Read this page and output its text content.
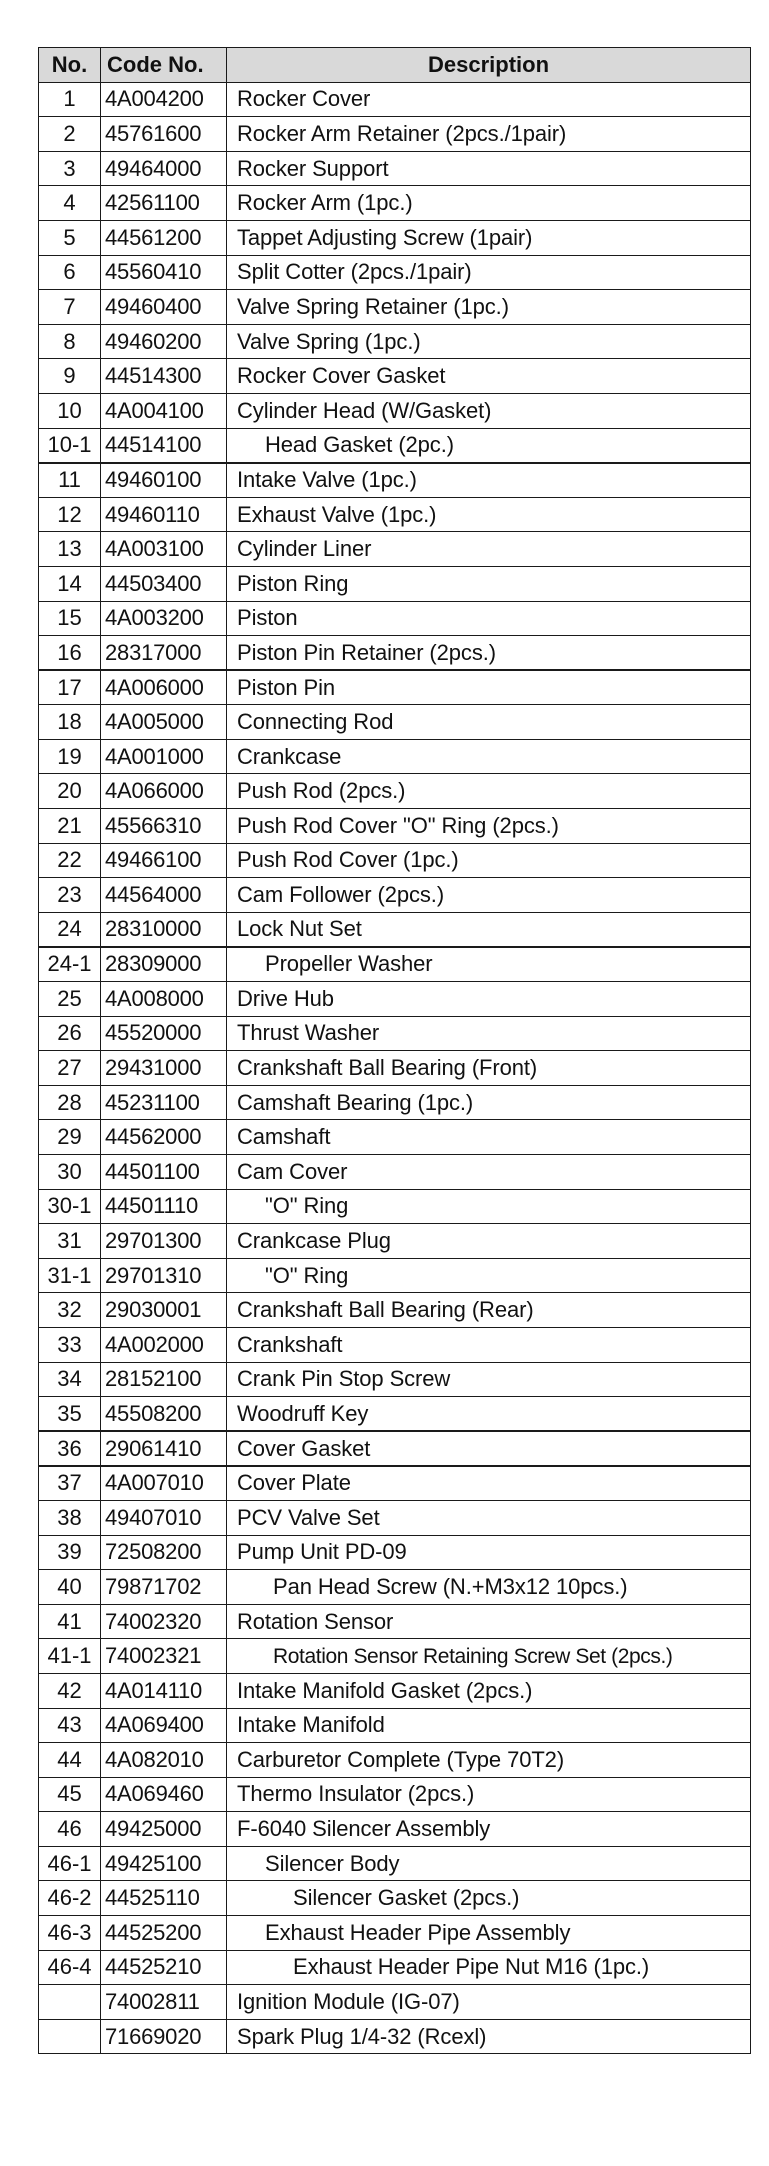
No.	Code No.	Description
1	4A004200	Rocker Cover
2	45761600	Rocker Arm Retainer (2pcs./1pair)
3	49464000	Rocker Support
4	42561100	Rocker Arm (1pc.)
5	44561200	Tappet Adjusting Screw (1pair)
6	45560410	Split Cotter (2pcs./1pair)
7	49460400	Valve Spring Retainer (1pc.)
8	49460200	Valve Spring (1pc.)
9	44514300	Rocker Cover Gasket
10	4A004100	Cylinder Head (W/Gasket)
10-1	44514100	Head Gasket (2pc.)
11	49460100	Intake Valve (1pc.)
12	49460110	Exhaust Valve (1pc.)
13	4A003100	Cylinder Liner
14	44503400	Piston Ring
15	4A003200	Piston
16	28317000	Piston Pin Retainer (2pcs.)
17	4A006000	Piston Pin
18	4A005000	Connecting Rod
19	4A001000	Crankcase
20	4A066000	Push Rod (2pcs.)
21	45566310	Push Rod Cover "O" Ring (2pcs.)
22	49466100	Push Rod Cover (1pc.)
23	44564000	Cam Follower (2pcs.)
24	28310000	Lock Nut Set
24-1	28309000	Propeller Washer
25	4A008000	Drive Hub
26	45520000	Thrust Washer
27	29431000	Crankshaft Ball Bearing (Front)
28	45231100	Camshaft Bearing (1pc.)
29	44562000	Camshaft
30	44501100	Cam Cover
30-1	44501110	"O" Ring
31	29701300	Crankcase Plug
31-1	29701310	"O" Ring
32	29030001	Crankshaft Ball Bearing (Rear)
33	4A002000	Crankshaft
34	28152100	Crank Pin Stop Screw
35	45508200	Woodruff Key
36	29061410	Cover Gasket
37	4A007010	Cover Plate
38	49407010	PCV Valve Set
39	72508200	Pump Unit PD-09
40	79871702	Pan Head Screw (N.+M3x12 10pcs.)
41	74002320	Rotation Sensor
41-1	74002321	Rotation Sensor Retaining Screw Set (2pcs.)
42	4A014110	Intake Manifold Gasket (2pcs.)
43	4A069400	Intake Manifold
44	4A082010	Carburetor Complete (Type 70T2)
45	4A069460	Thermo Insulator (2pcs.)
46	49425000	F-6040 Silencer Assembly
46-1	49425100	Silencer Body
46-2	44525110	Silencer Gasket (2pcs.)
46-3	44525200	Exhaust Header Pipe Assembly
46-4	44525210	Exhaust Header Pipe Nut M16 (1pc.)
	74002811	Ignition Module (IG-07)
	71669020	Spark Plug 1/4-32 (Rcexl)
